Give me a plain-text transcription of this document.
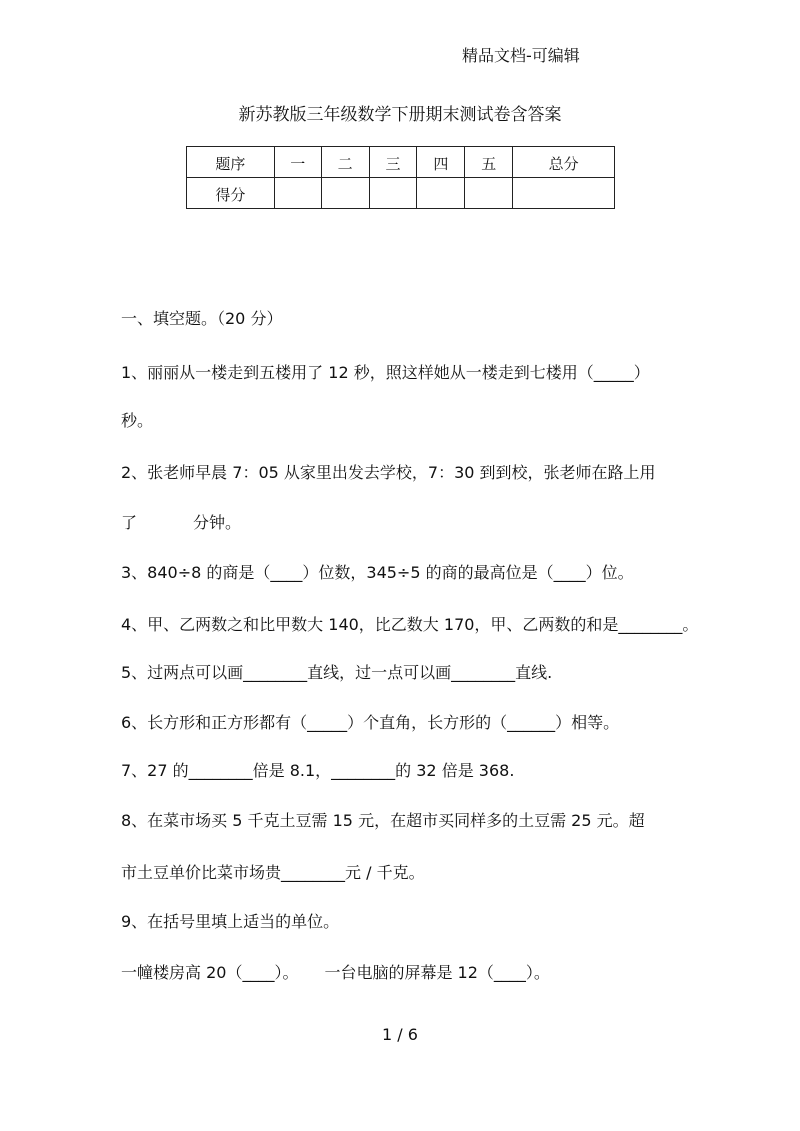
精品文档-可编辑
新苏教版三年级数学下册期末测试卷含答案
题序	一	二	三	四	五	总分
得分						
一、填空题。（20 分）
1、丽丽从一楼走到五楼用了 12 秒，照这样她从一楼走到七楼用（_____）
秒。
2、张老师早晨 7：05 从家里出发去学校，7：30 到到校，张老师在路上用
了	分钟。
3、840÷8 的商是（____）位数，345÷5 的商的最高位是（____）位。
4、甲、乙两数之和比甲数大 140，比乙数大 170，甲、乙两数的和是________。
5、过两点可以画________直线，过一点可以画________直线.
6、长方形和正方形都有（_____）个直角，长方形的（______）相等。
7、27 的________倍是 8.1，________的 32 倍是 368.
8、在菜市场买 5 千克土豆需 15 元，在超市买同样多的土豆需 25 元。超
市土豆单价比菜市场贵________元 / 千克。
9、在括号里填上适当的单位。
一幢楼房高 20（____）。 一台电脑的屏幕是 12（____）。
1 / 6
